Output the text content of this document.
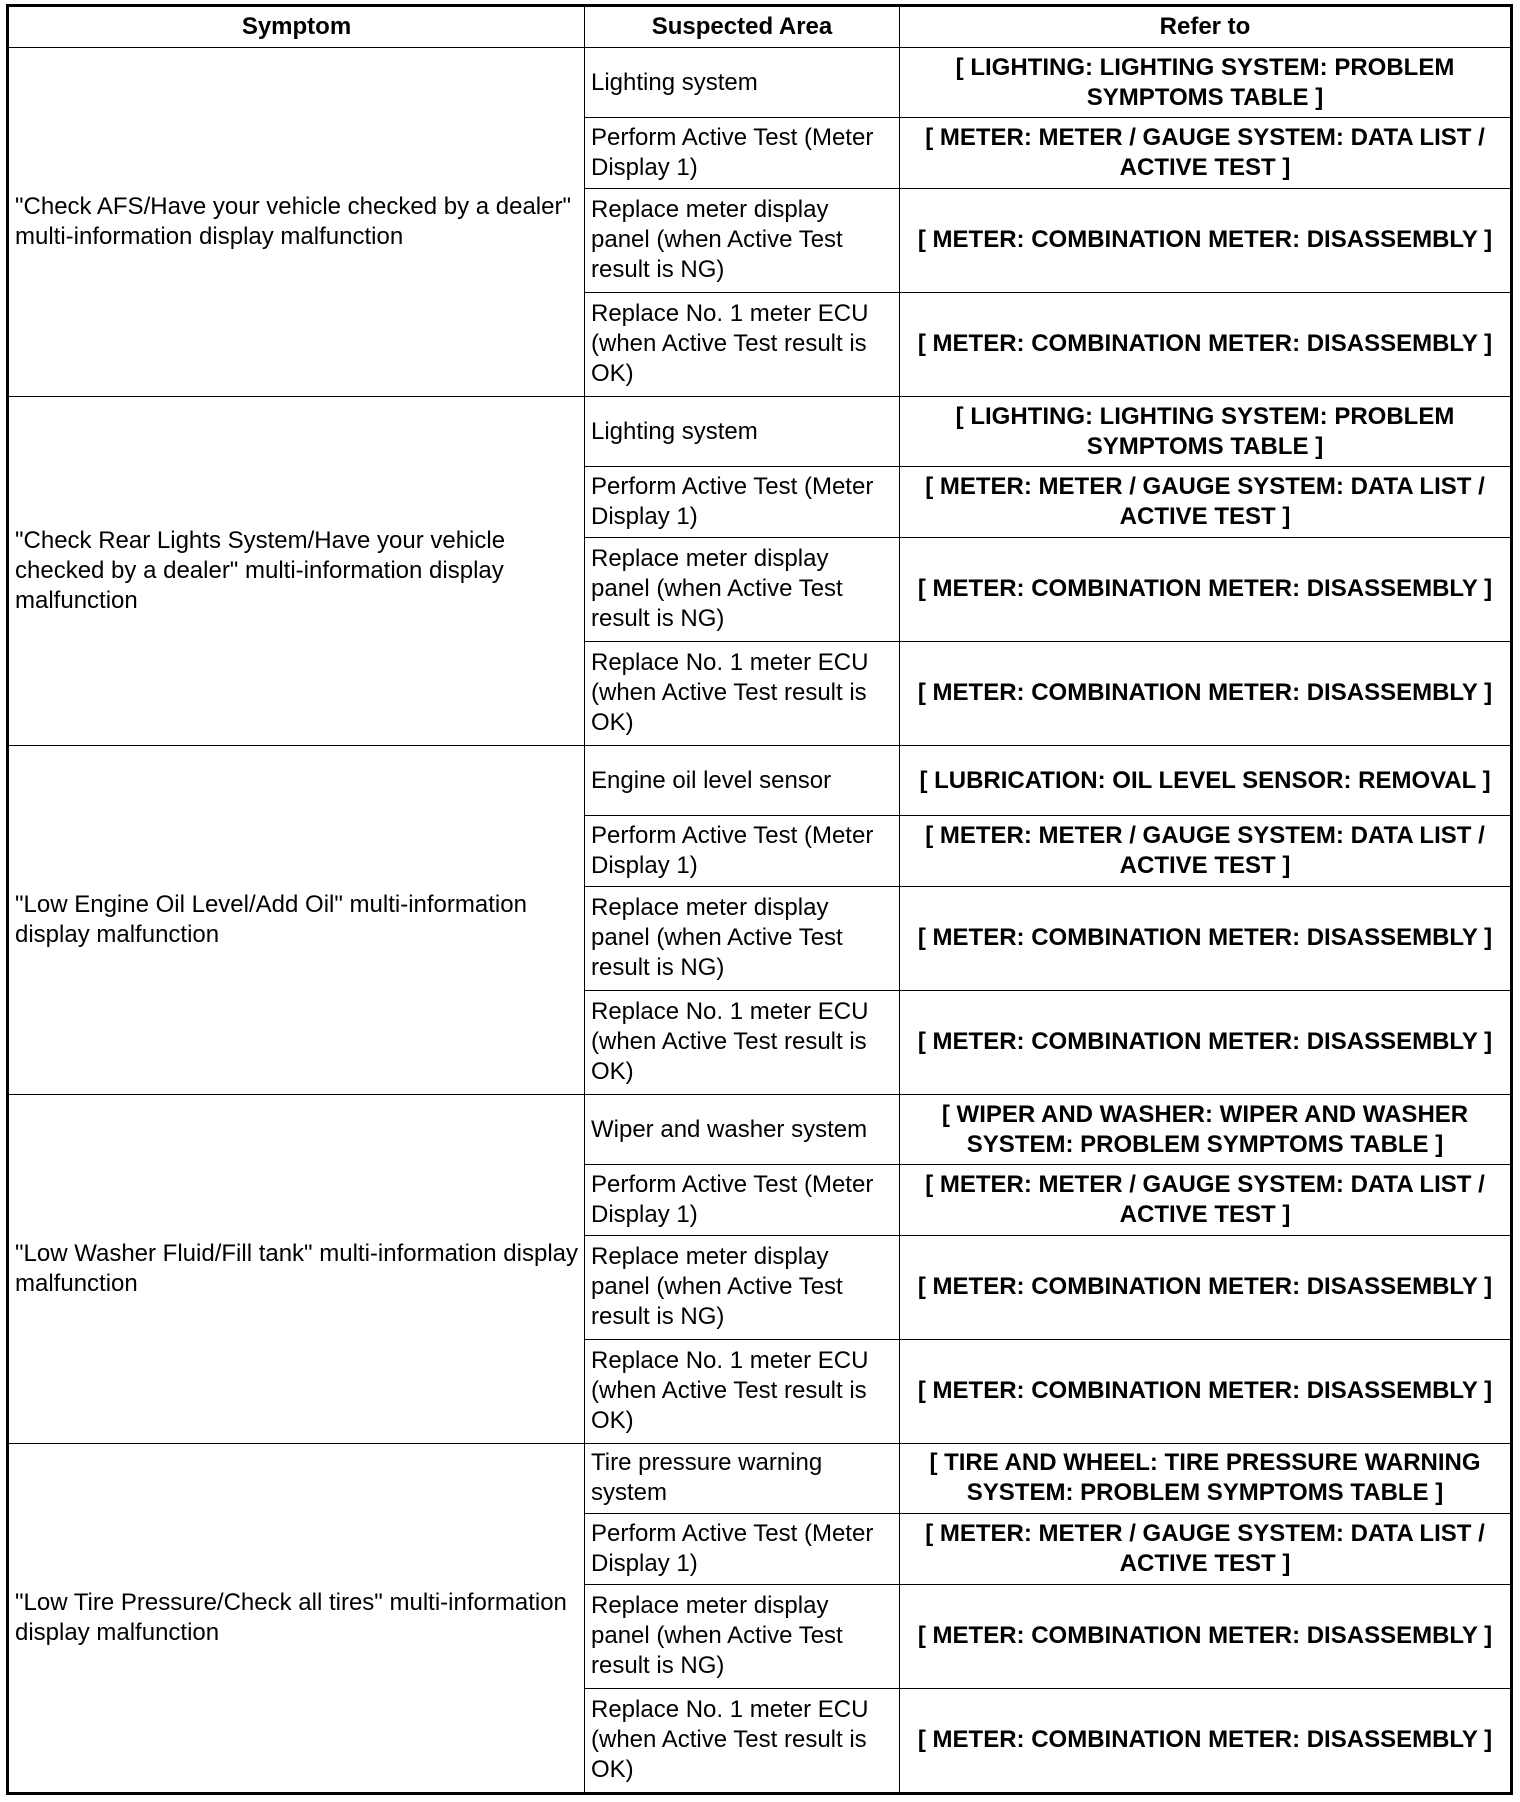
Symptom	Suspected Area	Refer to
"Check AFS/Have your vehicle checked by a dealer" multi-information display malfunction	Lighting system	[ LIGHTING: LIGHTING SYSTEM: PROBLEM SYMPTOMS TABLE ]
	Perform Active Test (Meter Display 1)	[ METER: METER / GAUGE SYSTEM: DATA LIST / ACTIVE TEST ]
	Replace meter display panel (when Active Test result is NG)	[ METER: COMBINATION METER: DISASSEMBLY ]
	Replace No. 1 meter ECU (when Active Test result is OK)	[ METER: COMBINATION METER: DISASSEMBLY ]
"Check Rear Lights System/Have your vehicle checked by a dealer" multi-information display malfunction	Lighting system	[ LIGHTING: LIGHTING SYSTEM: PROBLEM SYMPTOMS TABLE ]
	Perform Active Test (Meter Display 1)	[ METER: METER / GAUGE SYSTEM: DATA LIST / ACTIVE TEST ]
	Replace meter display panel (when Active Test result is NG)	[ METER: COMBINATION METER: DISASSEMBLY ]
	Replace No. 1 meter ECU (when Active Test result is OK)	[ METER: COMBINATION METER: DISASSEMBLY ]
"Low Engine Oil Level/Add Oil" multi-information display malfunction	Engine oil level sensor	[ LUBRICATION: OIL LEVEL SENSOR: REMOVAL ]
	Perform Active Test (Meter Display 1)	[ METER: METER / GAUGE SYSTEM: DATA LIST / ACTIVE TEST ]
	Replace meter display panel (when Active Test result is NG)	[ METER: COMBINATION METER: DISASSEMBLY ]
	Replace No. 1 meter ECU (when Active Test result is OK)	[ METER: COMBINATION METER: DISASSEMBLY ]
"Low Washer Fluid/Fill tank" multi-information display malfunction	Wiper and washer system	[ WIPER AND WASHER: WIPER AND WASHER SYSTEM: PROBLEM SYMPTOMS TABLE ]
	Perform Active Test (Meter Display 1)	[ METER: METER / GAUGE SYSTEM: DATA LIST / ACTIVE TEST ]
	Replace meter display panel (when Active Test result is NG)	[ METER: COMBINATION METER: DISASSEMBLY ]
	Replace No. 1 meter ECU (when Active Test result is OK)	[ METER: COMBINATION METER: DISASSEMBLY ]
"Low Tire Pressure/Check all tires" multi-information display malfunction	Tire pressure warning system	[ TIRE AND WHEEL: TIRE PRESSURE WARNING SYSTEM: PROBLEM SYMPTOMS TABLE ]
	Perform Active Test (Meter Display 1)	[ METER: METER / GAUGE SYSTEM: DATA LIST / ACTIVE TEST ]
	Replace meter display panel (when Active Test result is NG)	[ METER: COMBINATION METER: DISASSEMBLY ]
	Replace No. 1 meter ECU (when Active Test result is OK)	[ METER: COMBINATION METER: DISASSEMBLY ]
